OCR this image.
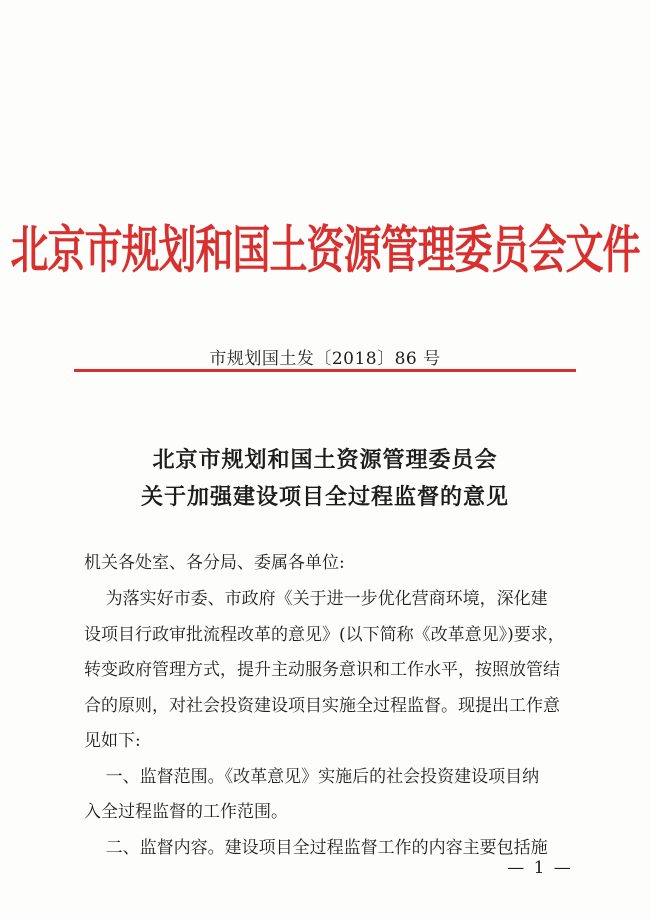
北京市规划和国土资源管理委员会文件
市规划国土发〔2018〕86 号
北京市规划和国土资源管理委员会
关于加强建设项目全过程监督的意见
机关各处室、各分局、委属各单位:
为落实好市委、市政府《关于进一步优化营商环境，深化建
设项目行政审批流程改革的意见》(以下简称《改革意见》)要求，
转变政府管理方式，提升主动服务意识和工作水平，按照放管结
合的原则，对社会投资建设项目实施全过程监督。现提出工作意
见如下:
一、监督范围。《改革意见》实施后的社会投资建设项目纳
入全过程监督的工作范围。
二、监督内容。建设项目全过程监督工作的内容主要包括施
— 1 —
